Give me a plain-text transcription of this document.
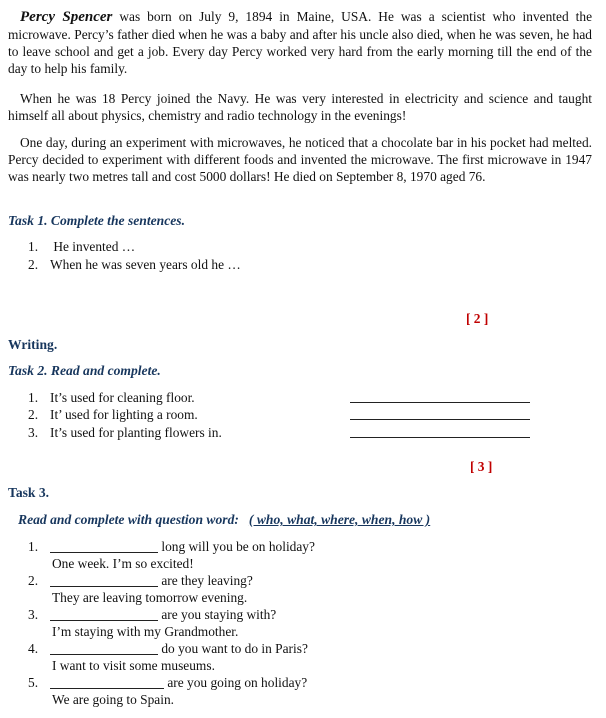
Percy Spencer was born on July 9, 1894 in Maine, USA. He was a scientist who invented the microwave. Percy’s father died when he was a baby and after his uncle also died, when he was seven, he had to leave school and get a job. Every day Percy worked very hard from the early morning till the end of the day to help his family.

When he was 18 Percy joined the Navy. He was very interested in electricity and science and taught himself all about physics, chemistry and radio technology in the evenings!

One day, during an experiment with microwaves, he noticed that a chocolate bar in his pocket had melted. Percy decided to experiment with different foods and invented the microwave. The first microwave in 1947 was nearly two metres tall and cost 5000 dollars! He died on September 8, 1970 aged 76.

Task 1. Complete the sentences.

1. He invented …

2. When he was seven years old he …

[ 2 ]

Writing.

Task 2. Read and complete.

1. It’s used for cleaning floor.

2. It’ used for lighting a room.

3. It’s used for planting flowers in.

[ 3 ]

Task 3.

Read and complete with question word: ( who, what, where, when, how )

1.	long will you be on holiday?

One week. I’m so excited!

2.	are they leaving?

They are leaving tomorrow evening.

3.	are you staying with?

I’m staying with my Grandmother.

4.	do you want to do in Paris?

I want to visit some museums.

5.	are you going on holiday?

We are going to Spain.
